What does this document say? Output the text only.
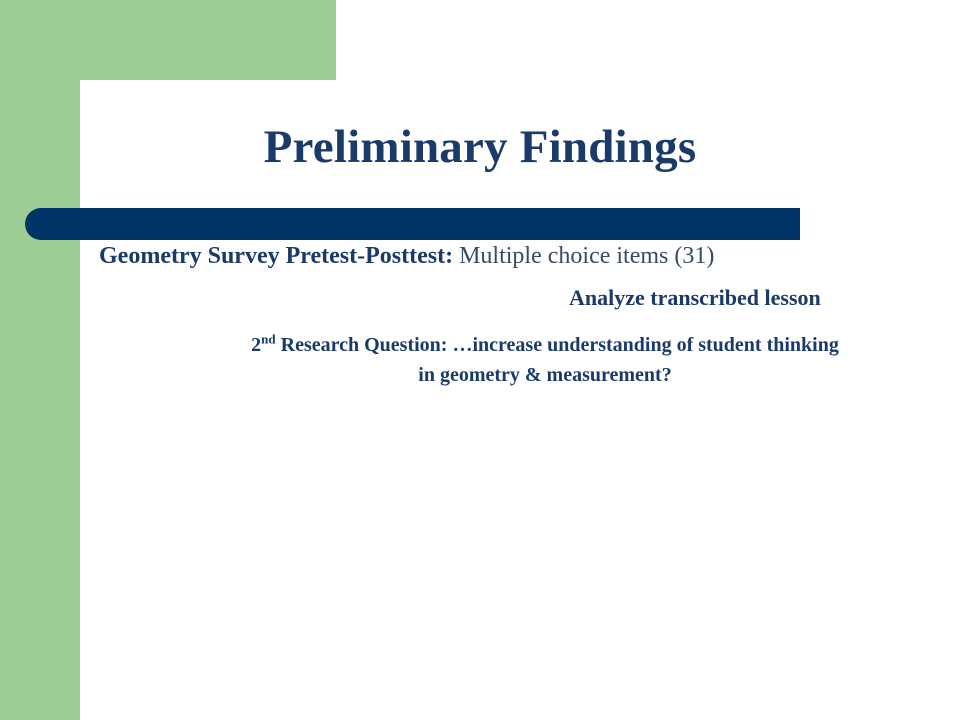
Preliminary Findings
Geometry Survey Pretest-Posttest: Multiple choice items (31)
Analyze transcribed lesson
2nd Research Question: …increase understanding of student thinking
in geometry & measurement?
